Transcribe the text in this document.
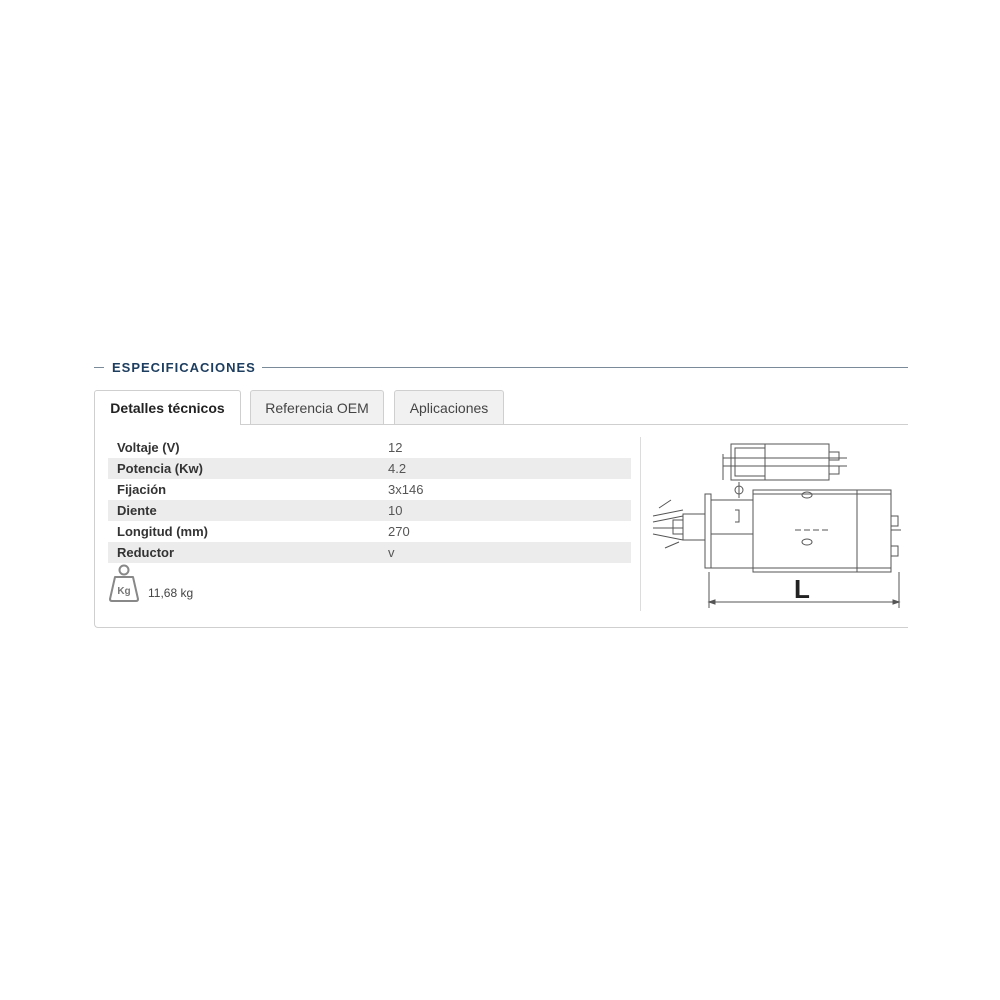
ESPECIFICACIONES
Detalles técnicos	Referencia OEM	Aplicaciones
Voltaje (V)	12
Potencia (Kw)	4.2
Fijación	3x146
Diente	10
Longitud (mm)	270
Reductor	v
Kg 11,68 kg	L
